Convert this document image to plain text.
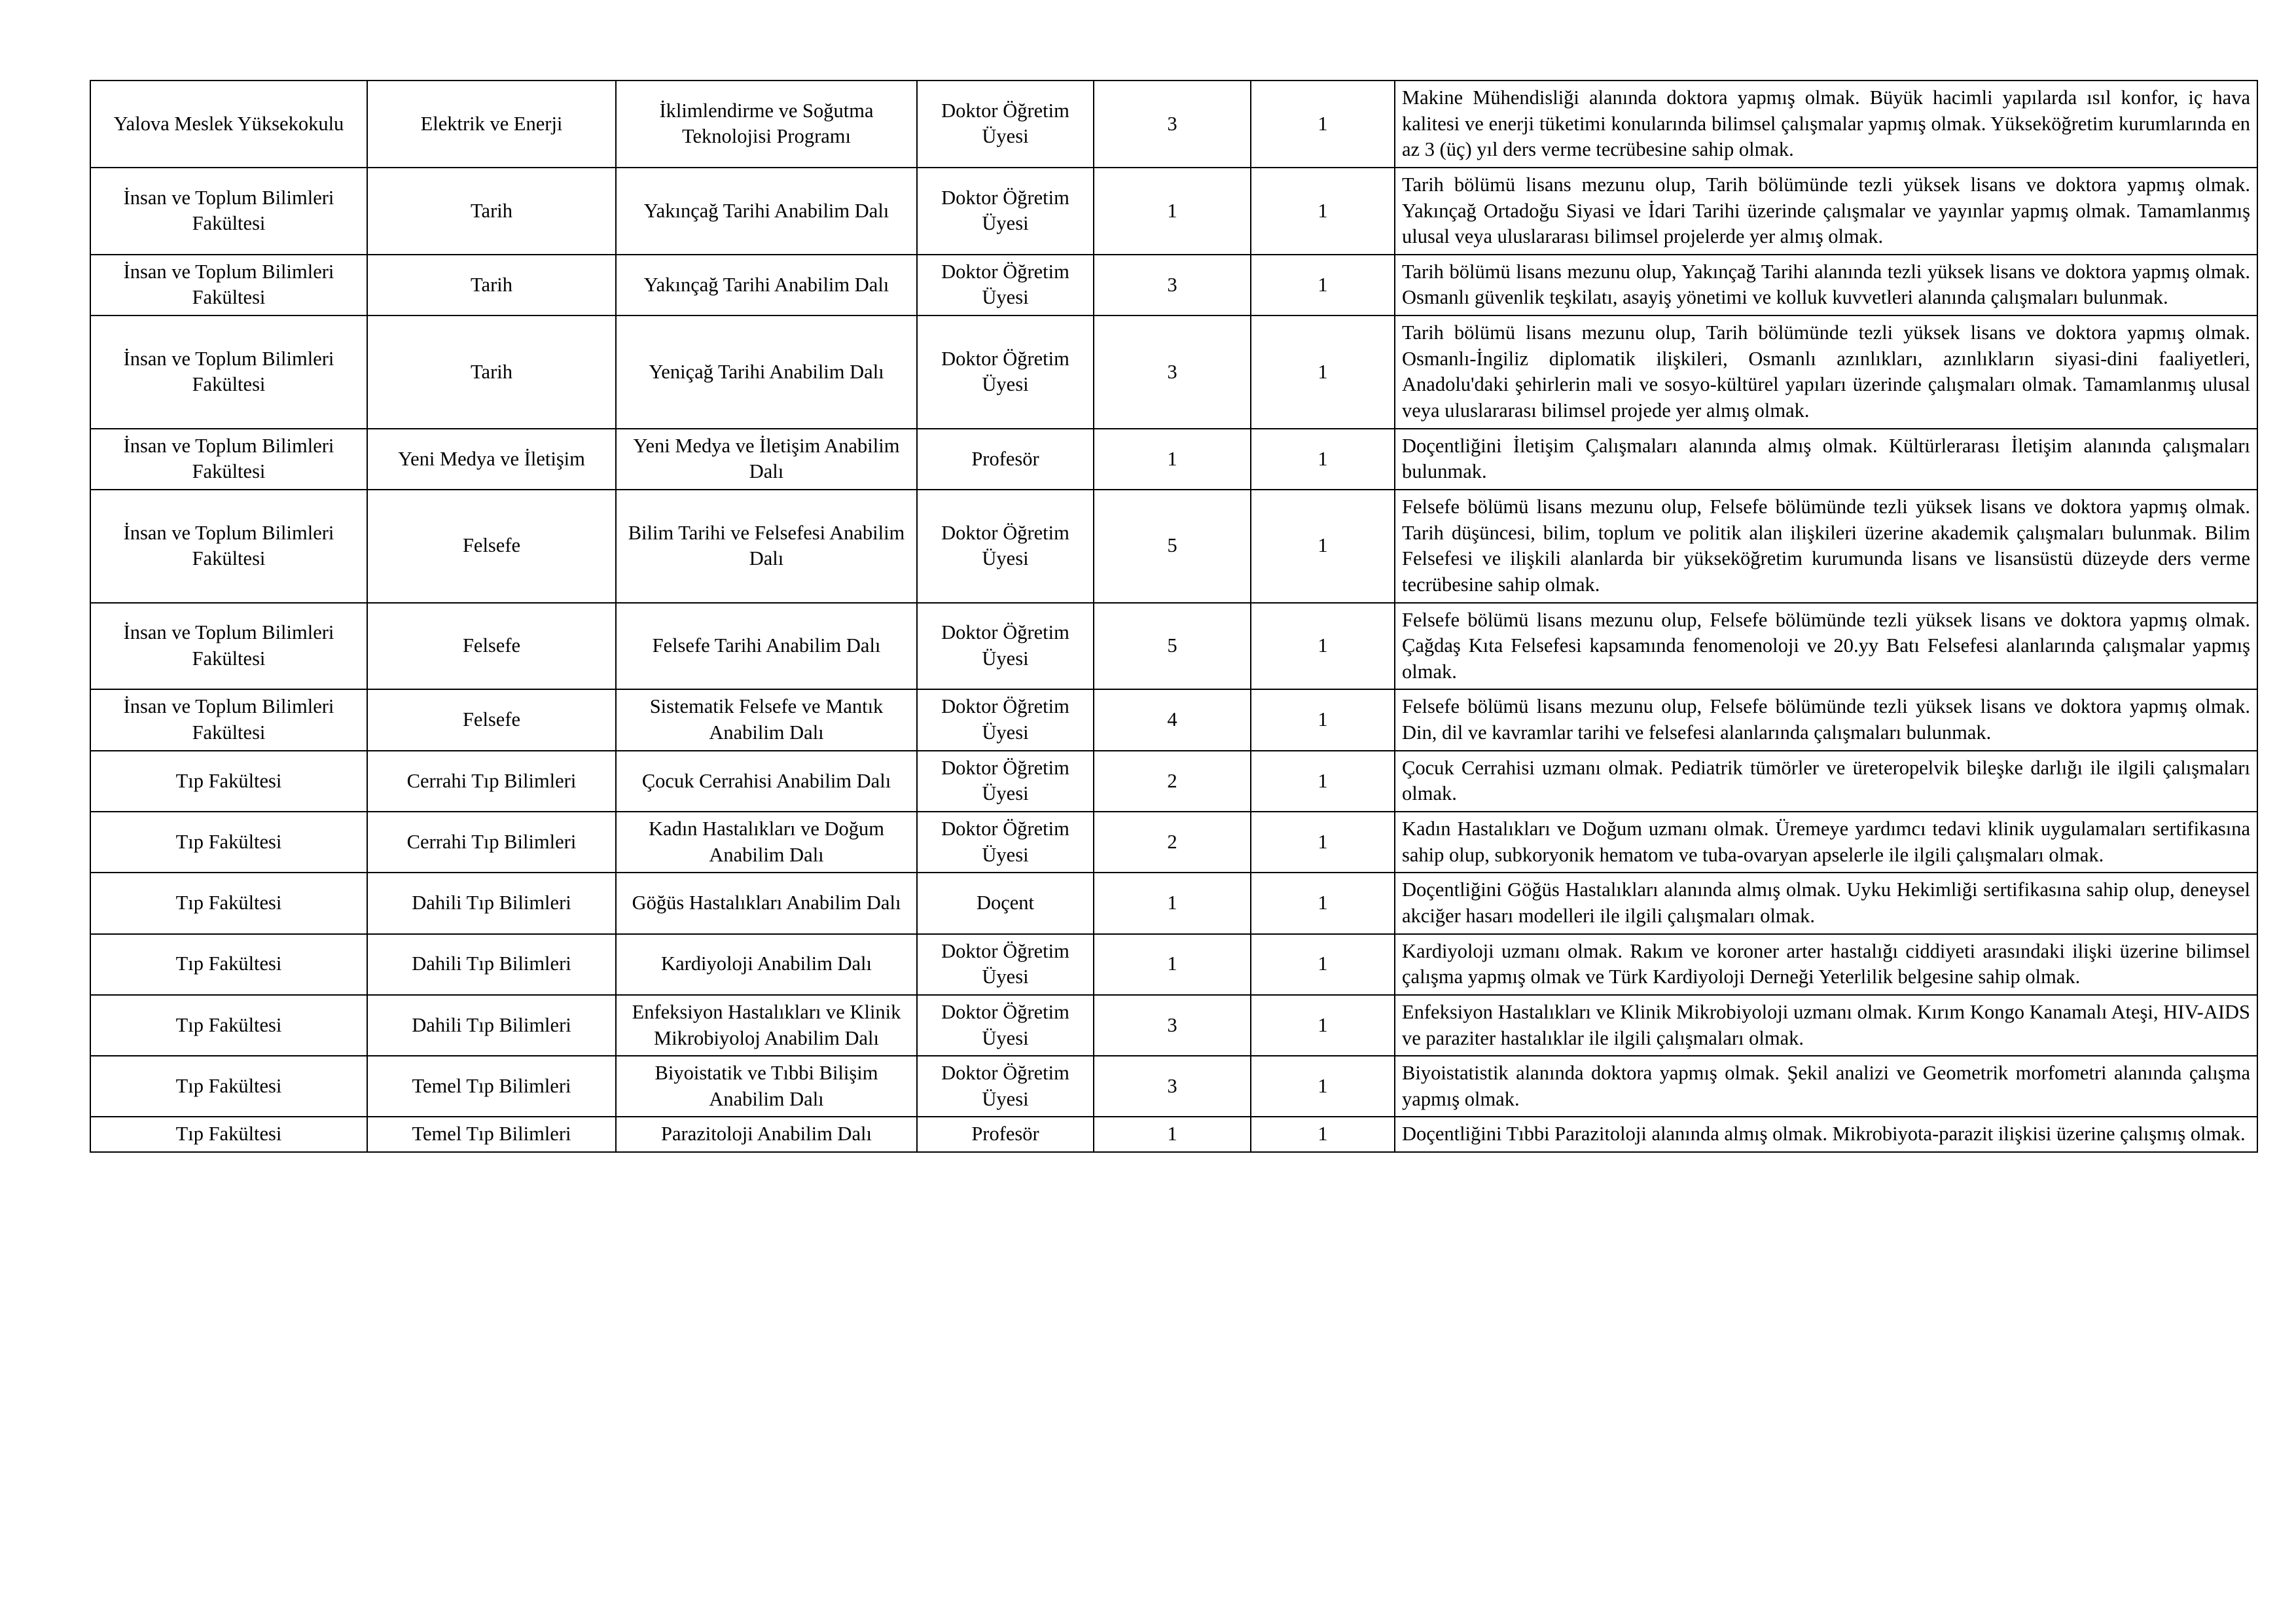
Yalova Meslek Yüksekokulu	Elektrik ve Enerji	İklimlendirme ve Soğutma Teknolojisi Programı	Doktor Öğretim Üyesi	3	1	Makine Mühendisliği alanında doktora yapmış olmak. Büyük hacimli yapılarda ısıl konfor, iç hava kalitesi ve enerji tüketimi konularında bilimsel çalışmalar yapmış olmak. Yükseköğretim kurumlarında en az 3 (üç) yıl ders verme tecrübesine sahip olmak.
İnsan ve Toplum Bilimleri Fakültesi	Tarih	Yakınçağ Tarihi Anabilim Dalı	Doktor Öğretim Üyesi	1	1	Tarih bölümü lisans mezunu olup, Tarih bölümünde tezli yüksek lisans ve doktora yapmış olmak. Yakınçağ Ortadoğu Siyasi ve İdari Tarihi üzerinde çalışmalar ve yayınlar yapmış olmak. Tamamlanmış ulusal veya uluslararası bilimsel projelerde yer almış olmak.
İnsan ve Toplum Bilimleri Fakültesi	Tarih	Yakınçağ Tarihi Anabilim Dalı	Doktor Öğretim Üyesi	3	1	Tarih bölümü lisans mezunu olup, Yakınçağ Tarihi alanında tezli yüksek lisans ve doktora yapmış olmak. Osmanlı güvenlik teşkilatı, asayiş yönetimi ve kolluk kuvvetleri alanında çalışmaları bulunmak.
İnsan ve Toplum Bilimleri Fakültesi	Tarih	Yeniçağ Tarihi Anabilim Dalı	Doktor Öğretim Üyesi	3	1	Tarih bölümü lisans mezunu olup, Tarih bölümünde tezli yüksek lisans ve doktora yapmış olmak. Osmanlı-İngiliz diplomatik ilişkileri, Osmanlı azınlıkları, azınlıkların siyasi-dini faaliyetleri, Anadolu'daki şehirlerin mali ve sosyo-kültürel yapıları üzerinde çalışmaları olmak. Tamamlanmış ulusal veya uluslararası bilimsel projede yer almış olmak.
İnsan ve Toplum Bilimleri Fakültesi	Yeni Medya ve İletişim	Yeni Medya ve İletişim Anabilim Dalı	Profesör	1	1	Doçentliğini İletişim Çalışmaları alanında almış olmak. Kültürlerarası İletişim alanında çalışmaları bulunmak.
İnsan ve Toplum Bilimleri Fakültesi	Felsefe	Bilim Tarihi ve Felsefesi Anabilim Dalı	Doktor Öğretim Üyesi	5	1	Felsefe bölümü lisans mezunu olup, Felsefe bölümünde tezli yüksek lisans ve doktora yapmış olmak. Tarih düşüncesi, bilim, toplum ve politik alan ilişkileri üzerine akademik çalışmaları bulunmak. Bilim Felsefesi ve ilişkili alanlarda bir yükseköğretim kurumunda lisans ve lisansüstü düzeyde ders verme tecrübesine sahip olmak.
İnsan ve Toplum Bilimleri Fakültesi	Felsefe	Felsefe Tarihi Anabilim Dalı	Doktor Öğretim Üyesi	5	1	Felsefe bölümü lisans mezunu olup, Felsefe bölümünde tezli yüksek lisans ve doktora yapmış olmak. Çağdaş Kıta Felsefesi kapsamında fenomenoloji ve 20.yy Batı Felsefesi alanlarında çalışmalar yapmış olmak.
İnsan ve Toplum Bilimleri Fakültesi	Felsefe	Sistematik Felsefe ve Mantık Anabilim Dalı	Doktor Öğretim Üyesi	4	1	Felsefe bölümü lisans mezunu olup, Felsefe bölümünde tezli yüksek lisans ve doktora yapmış olmak. Din, dil ve kavramlar tarihi ve felsefesi alanlarında çalışmaları bulunmak.
Tıp Fakültesi	Cerrahi Tıp Bilimleri	Çocuk Cerrahisi Anabilim Dalı	Doktor Öğretim Üyesi	2	1	Çocuk Cerrahisi uzmanı olmak. Pediatrik tümörler ve üreteropelvik bileşke darlığı ile ilgili çalışmaları olmak.
Tıp Fakültesi	Cerrahi Tıp Bilimleri	Kadın Hastalıkları ve Doğum Anabilim Dalı	Doktor Öğretim Üyesi	2	1	Kadın Hastalıkları ve Doğum uzmanı olmak. Üremeye yardımcı tedavi klinik uygulamaları sertifikasına sahip olup, subkoryonik hematom ve tuba-ovaryan apselerle ile ilgili çalışmaları olmak.
Tıp Fakültesi	Dahili Tıp Bilimleri	Göğüs Hastalıkları Anabilim Dalı	Doçent	1	1	Doçentliğini Göğüs Hastalıkları alanında almış olmak. Uyku Hekimliği sertifikasına sahip olup, deneysel akciğer hasarı modelleri ile ilgili çalışmaları olmak.
Tıp Fakültesi	Dahili Tıp Bilimleri	Kardiyoloji Anabilim Dalı	Doktor Öğretim Üyesi	1	1	Kardiyoloji uzmanı olmak. Rakım ve koroner arter hastalığı ciddiyeti arasındaki ilişki üzerine bilimsel çalışma yapmış olmak ve Türk Kardiyoloji Derneği Yeterlilik belgesine sahip olmak.
Tıp Fakültesi	Dahili Tıp Bilimleri	Enfeksiyon Hastalıkları ve Klinik Mikrobiyoloj Anabilim Dalı	Doktor Öğretim Üyesi	3	1	Enfeksiyon Hastalıkları ve Klinik Mikrobiyoloji uzmanı olmak. Kırım Kongo Kanamalı Ateşi, HIV-AIDS ve paraziter hastalıklar ile ilgili çalışmaları olmak.
Tıp Fakültesi	Temel Tıp Bilimleri	Biyoistatik ve Tıbbi Bilişim Anabilim Dalı	Doktor Öğretim Üyesi	3	1	Biyoistatistik alanında doktora yapmış olmak. Şekil analizi ve Geometrik morfometri alanında çalışma yapmış olmak.
Tıp Fakültesi	Temel Tıp Bilimleri	Parazitoloji Anabilim Dalı	Profesör	1	1	Doçentliğini Tıbbi Parazitoloji alanında almış olmak. Mikrobiyota-parazit ilişkisi üzerine çalışmış olmak.
